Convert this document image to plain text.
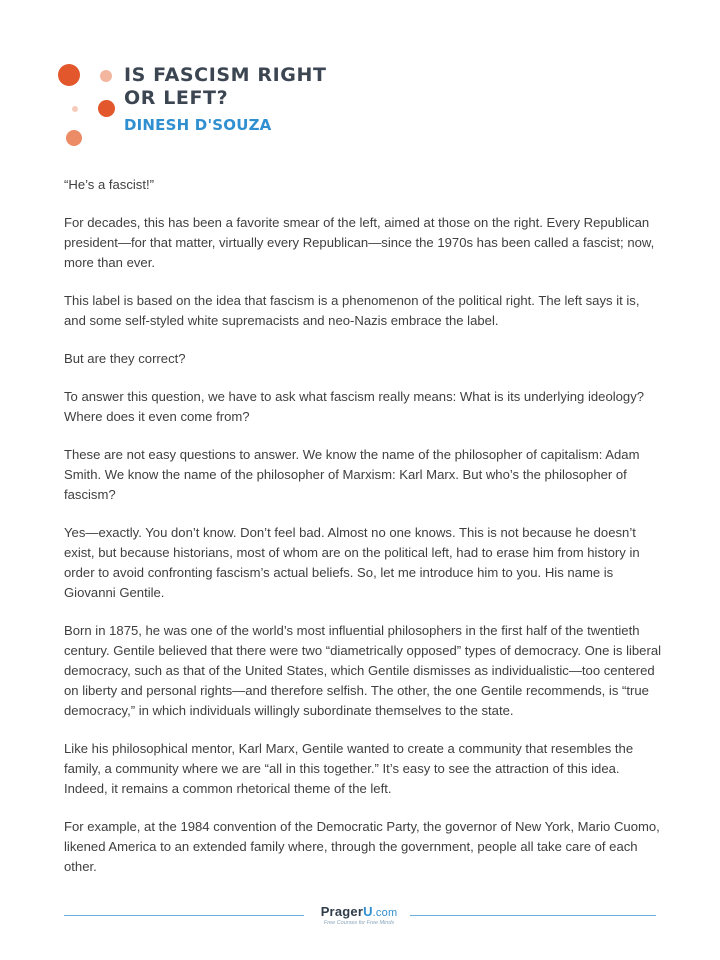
IS FASCISM RIGHT
OR LEFT?
DINESH D'SOUZA

“He’s a fascist!”

For decades, this has been a favorite smear of the left, aimed at those on the right. Every Republican president—for that matter, virtually every Republican—since the 1970s has been called a fascist; now, more than ever.

This label is based on the idea that fascism is a phenomenon of the political right. The left says it is, and some self-styled white supremacists and neo-Nazis embrace the label.

But are they correct?

To answer this question, we have to ask what fascism really means: What is its underlying ideology? Where does it even come from?

These are not easy questions to answer. We know the name of the philosopher of capitalism: Adam Smith. We know the name of the philosopher of Marxism: Karl Marx. But who’s the philosopher of fascism?

Yes—exactly. You don’t know. Don’t feel bad. Almost no one knows. This is not because he doesn’t exist, but because historians, most of whom are on the political left, had to erase him from history in order to avoid confronting fascism’s actual beliefs. So, let me introduce him to you. His name is Giovanni Gentile.

Born in 1875, he was one of the world’s most influential philosophers in the first half of the twentieth century. Gentile believed that there were two “diametrically opposed” types of democracy. One is liberal democracy, such as that of the United States, which Gentile dismisses as individualistic—too centered on liberty and personal rights—and therefore selfish. The other, the one Gentile recommends, is “true democracy,” in which individuals willingly subordinate themselves to the state.

Like his philosophical mentor, Karl Marx, Gentile wanted to create a community that resembles the family, a community where we are “all in this together.” It’s easy to see the attraction of this idea. Indeed, it remains a common rhetorical theme of the left.

For example, at the 1984 convention of the Democratic Party, the governor of New York, Mario Cuomo, likened America to an extended family where, through the government, people all take care of each other.

PragerU.com
Free Courses for Free Minds
